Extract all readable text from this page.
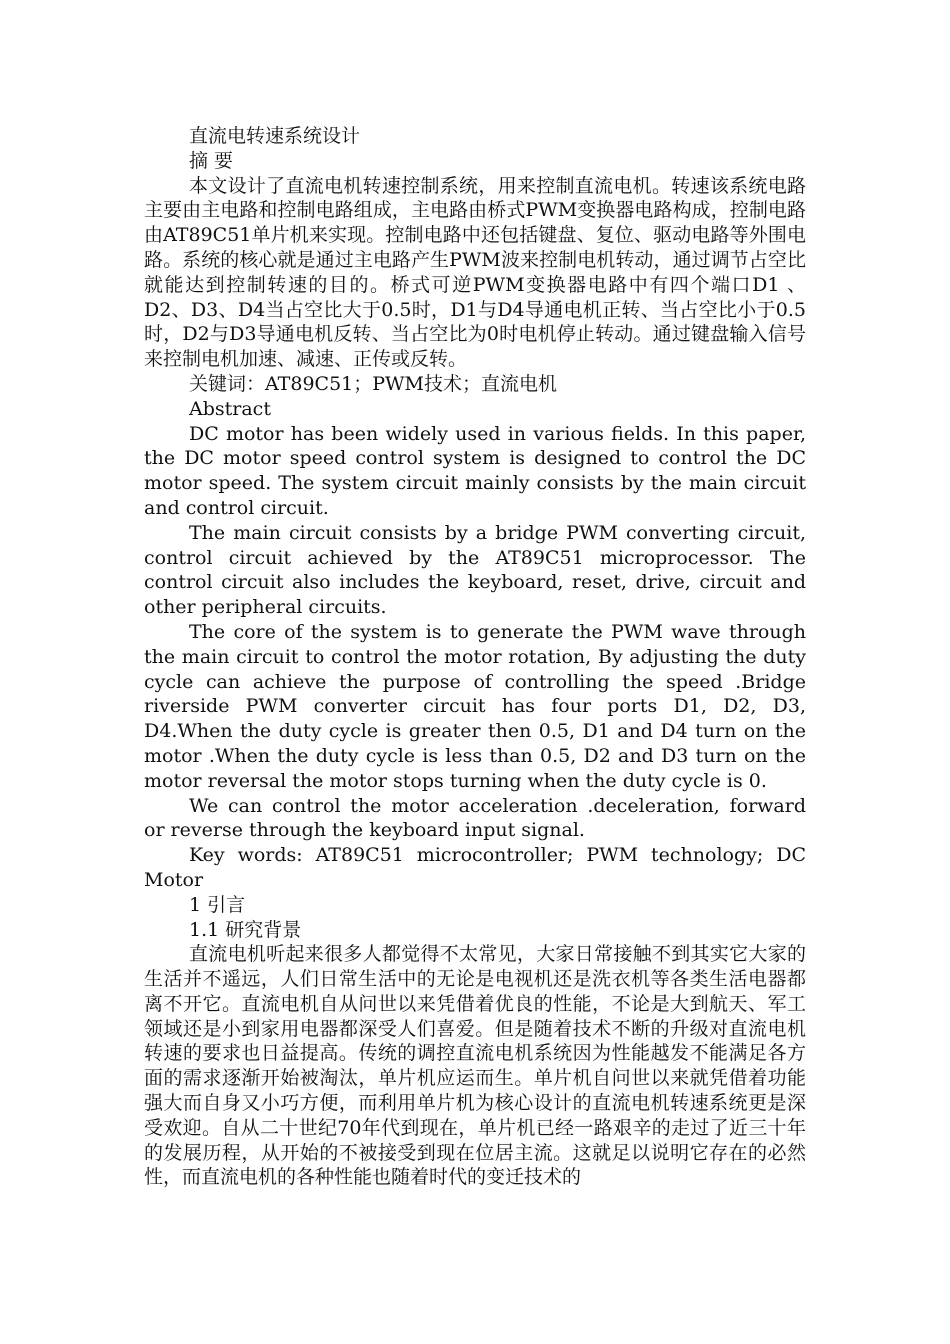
直流电转速系统设计

摘 要

本文设计了直流电机转速控制系统，用来控制直流电机。转速该系统电路主要由主电路和控制电路组成，主电路由桥式PWM变换器电路构成，控制电路由AT89C51单片机来实现。控制电路中还包括键盘、复位、驱动电路等外围电路。系统的核心就是通过主电路产生PWM波来控制电机转动，通过调节占空比就能达到控制转速的目的。桥式可逆PWM变换器电路中有四个端口D1 、D2、D3、D4当占空比大于0.5时，D1与D4导通电机正转、当占空比小于0.5时，D2与D3导通电机反转、当占空比为0时电机停止转动。通过键盘输入信号来控制电机加速、减速、正传或反转。

关键词：AT89C51；PWM技术；直流电机

Abstract

DC motor has been widely used in various fields. In this paper, the DC motor speed control system is designed to control the DC motor speed. The system circuit mainly consists by the main circuit and control circuit.

The main circuit consists by a bridge PWM converting circuit, control circuit achieved by the AT89C51 microprocessor. The control circuit also includes the keyboard, reset, drive, circuit and other peripheral circuits.

The core of the system is to generate the PWM wave through the main circuit to control the motor rotation, By adjusting the duty cycle can achieve the purpose of controlling the speed .Bridge riverside PWM converter circuit has four ports D1, D2, D3, D4.When the duty cycle is greater then 0.5, D1 and D4 turn on the motor .When the duty cycle is less than 0.5, D2 and D3 turn on the motor reversal the motor stops turning when the duty cycle is 0.

We can control the motor acceleration .deceleration, forward or reverse through the keyboard input signal.

Key words: AT89C51 microcontroller; PWM technology; DC Motor

1 引言

1.1 研究背景

直流电机听起来很多人都觉得不太常见，大家日常接触不到其实它大家的生活并不遥远，人们日常生活中的无论是电视机还是洗衣机等各类生活电器都离不开它。直流电机自从问世以来凭借着优良的性能，不论是大到航天、军工领域还是小到家用电器都深受人们喜爱。但是随着技术不断的升级对直流电机转速的要求也日益提高。传统的调控直流电机系统因为性能越发不能满足各方面的需求逐渐开始被淘汰，单片机应运而生。单片机自问世以来就凭借着功能强大而自身又小巧方便，而利用单片机为核心设计的直流电机转速系统更是深受欢迎。自从二十世纪70年代到现在，单片机已经一路艰辛的走过了近三十年的发展历程，从开始的不被接受到现在位居主流。这就足以说明它存在的必然性，而直流电机的各种性能也随着时代的变迁技术的
